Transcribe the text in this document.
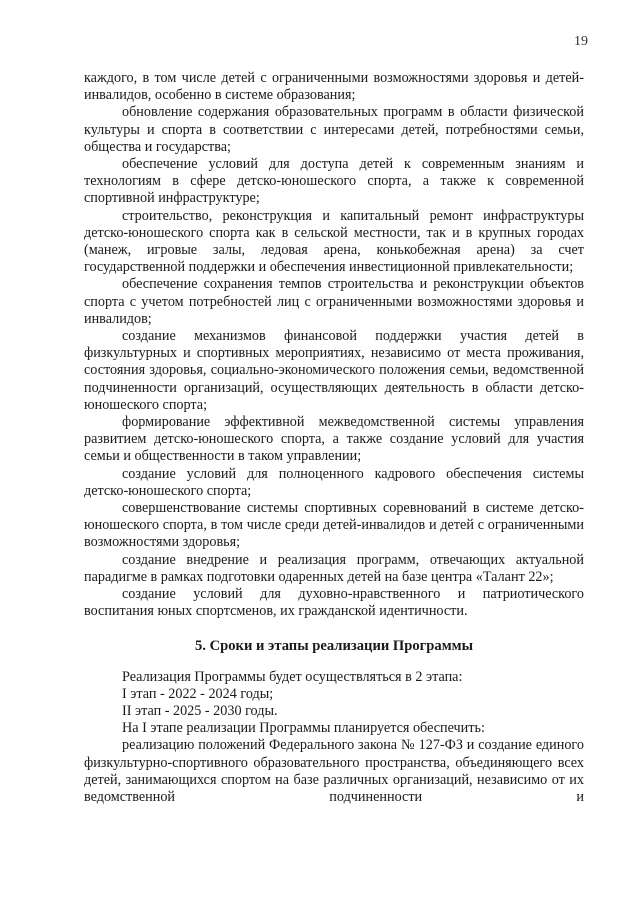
19

каждого, в том числе детей с ограниченными возможностями здоровья и детей-инвалидов, особенно в системе образования;

обновление содержания образовательных программ в области физической культуры и спорта в соответствии с интересами детей, потребностями семьи, общества и государства;

обеспечение условий для доступа детей к современным знаниям и технологиям в сфере детско-юношеского спорта, а также к современной спортивной инфраструктуре;

строительство, реконструкция и капитальный ремонт инфраструктуры детско-юношеского спорта как в сельской местности, так и в крупных городах (манеж, игровые залы, ледовая арена, конькобежная арена) за счет государственной поддержки и обеспечения инвестиционной привлекательности;

обеспечение сохранения темпов строительства и реконструкции объектов спорта с учетом потребностей лиц с ограниченными возможностями здоровья и инвалидов;

создание механизмов финансовой поддержки участия детей в физкультурных и спортивных мероприятиях, независимо от места проживания, состояния здоровья, социально-экономического положения семьи, ведомственной подчиненности организаций, осуществляющих деятельность в области детско-юношеского спорта;

формирование эффективной межведомственной системы управления развитием детско-юношеского спорта, а также создание условий для участия семьи и общественности в таком управлении;

создание условий для полноценного кадрового обеспечения системы детско-юношеского спорта;

совершенствование системы спортивных соревнований в системе детско-юношеского спорта, в том числе среди детей-инвалидов и детей с ограниченными возможностями здоровья;

создание внедрение и реализация программ, отвечающих актуальной парадигме в рамках подготовки одаренных детей на базе центра «Талант 22»;

создание условий для духовно-нравственного и патриотического воспитания юных спортсменов, их гражданской идентичности.

5. Сроки и этапы реализации Программы

Реализация Программы будет осуществляться в 2 этапа:

I этап - 2022 - 2024 годы;

II этап - 2025 - 2030 годы.

На I этапе реализации Программы планируется обеспечить:

реализацию положений Федерального закона № 127-ФЗ и создание единого физкультурно-спортивного образовательного пространства, объединяющего всех детей, занимающихся спортом на базе различных организаций, независимо от их ведомственной подчиненности и
